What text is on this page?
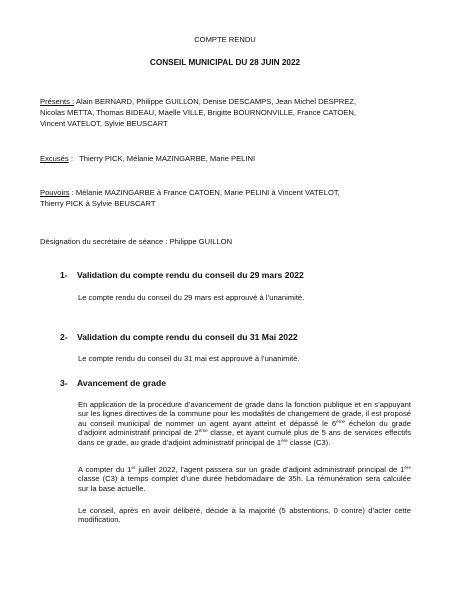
COMPTE RENDU
CONSEIL MUNICIPAL DU 28 JUIN 2022
Présents : Alain BERNARD, Philippe GUILLON, Denise DESCAMPS, Jean Michel DESPREZ,
Nicolas METTA, Thomas BIDEAU, Maelle VILLE, Brigitte BOURNONVILLE, France CATOEN,
Vincent VATELOT, Sylvie BEUSCART
Excusés :   Thierry PICK, Mélanie MAZINGARBE, Marie PELINI
Pouvoirs : Mélanie MAZINGARBE à France CATOEN, Marie PELINI à Vincent VATELOT,
Thierry PICK à Sylvie BEUSCART
Désignation du secrétaire de séance : Philippe GUILLON
1- Validation du compte rendu du conseil du 29 mars 2022
Le compte rendu du conseil du 29 mars est approuvé à l’unanimité.
2- Validation du compte rendu du conseil du 31 Mai 2022
Le compte rendu du conseil du 31 mai est approuvé à l’unanimité.
3- Avancement de grade
En application de la procédure d’avancement de grade dans la fonction publique et en s’appuyant sur les lignes directives de la commune pour les modalités de changement de grade, il est proposé au conseil municipal de nommer un agent ayant atteint et dépassé le 6ème échelon du grade d’adjoint administratif principal de 2ème classe, et ayant cumulé plus de 5 ans de services effectifs dans ce grade, au grade d’adjoint administratif principal de 1ère classe (C3).
A compter du 1er juillet 2022, l’agent passera sur un grade d’adjoint administratif principal de 1ère classe (C3) à temps complet d’une durée hebdomadaire de 35h. La rémunération sera calculée sur la base actuelle.
Le conseil, après en avoir délibéré, décide à la majorité (5 abstentions, 0 contre) d’acter cette modification.
